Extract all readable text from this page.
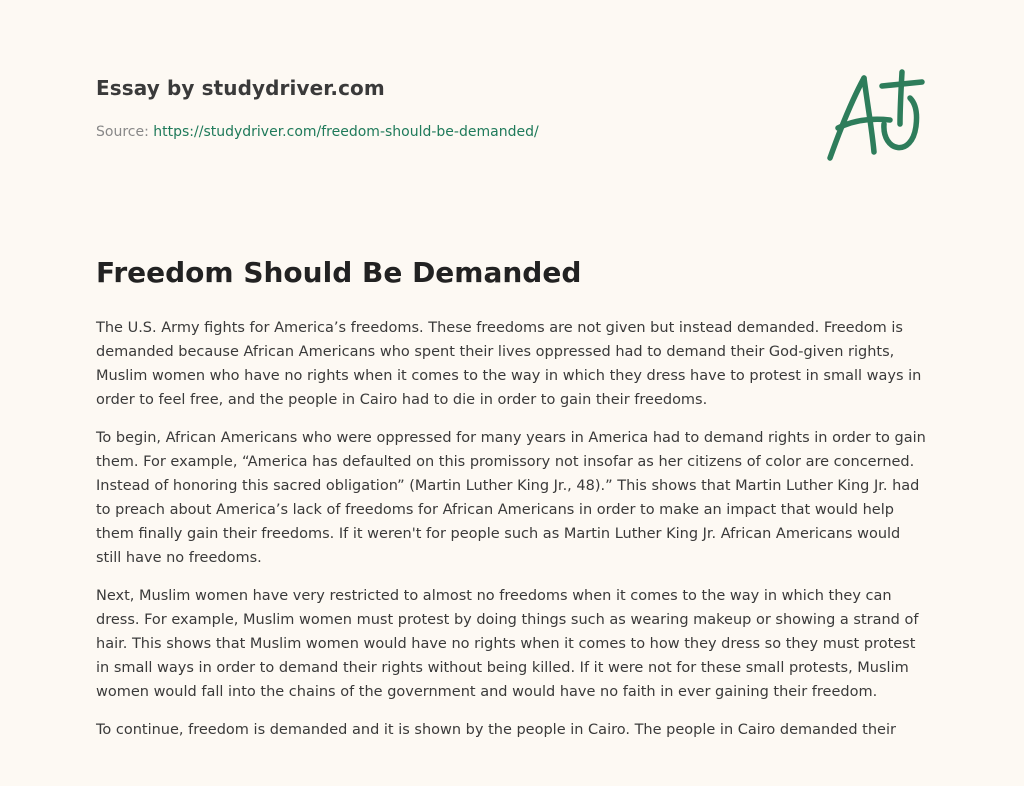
Essay by studydriver.com
Source: https://studydriver.com/freedom-should-be-demanded/
Freedom Should Be Demanded

The U.S. Army fights for America’s freedoms. These freedoms are not given but instead demanded. Freedom is demanded because African Americans who spent their lives oppressed had to demand their God-given rights, Muslim women who have no rights when it comes to the way in which they dress have to protest in small ways in order to feel free, and the people in Cairo had to die in order to gain their freedoms.

To begin, African Americans who were oppressed for many years in America had to demand rights in order to gain them. For example, “America has defaulted on this promissory not insofar as her citizens of color are concerned. Instead of honoring this sacred obligation” (Martin Luther King Jr., 48).” This shows that Martin Luther King Jr. had to preach about America’s lack of freedoms for African Americans in order to make an impact that would help them finally gain their freedoms. If it weren't for people such as Martin Luther King Jr. African Americans would still have no freedoms.

Next, Muslim women have very restricted to almost no freedoms when it comes to the way in which they can dress. For example, Muslim women must protest by doing things such as wearing makeup or showing a strand of hair. This shows that Muslim women would have no rights when it comes to how they dress so they must protest in small ways in order to demand their rights without being killed. If it were not for these small protests, Muslim women would fall into the chains of the government and would have no faith in ever gaining their freedom.

To continue, freedom is demanded and it is shown by the people in Cairo. The people in Cairo demanded their
